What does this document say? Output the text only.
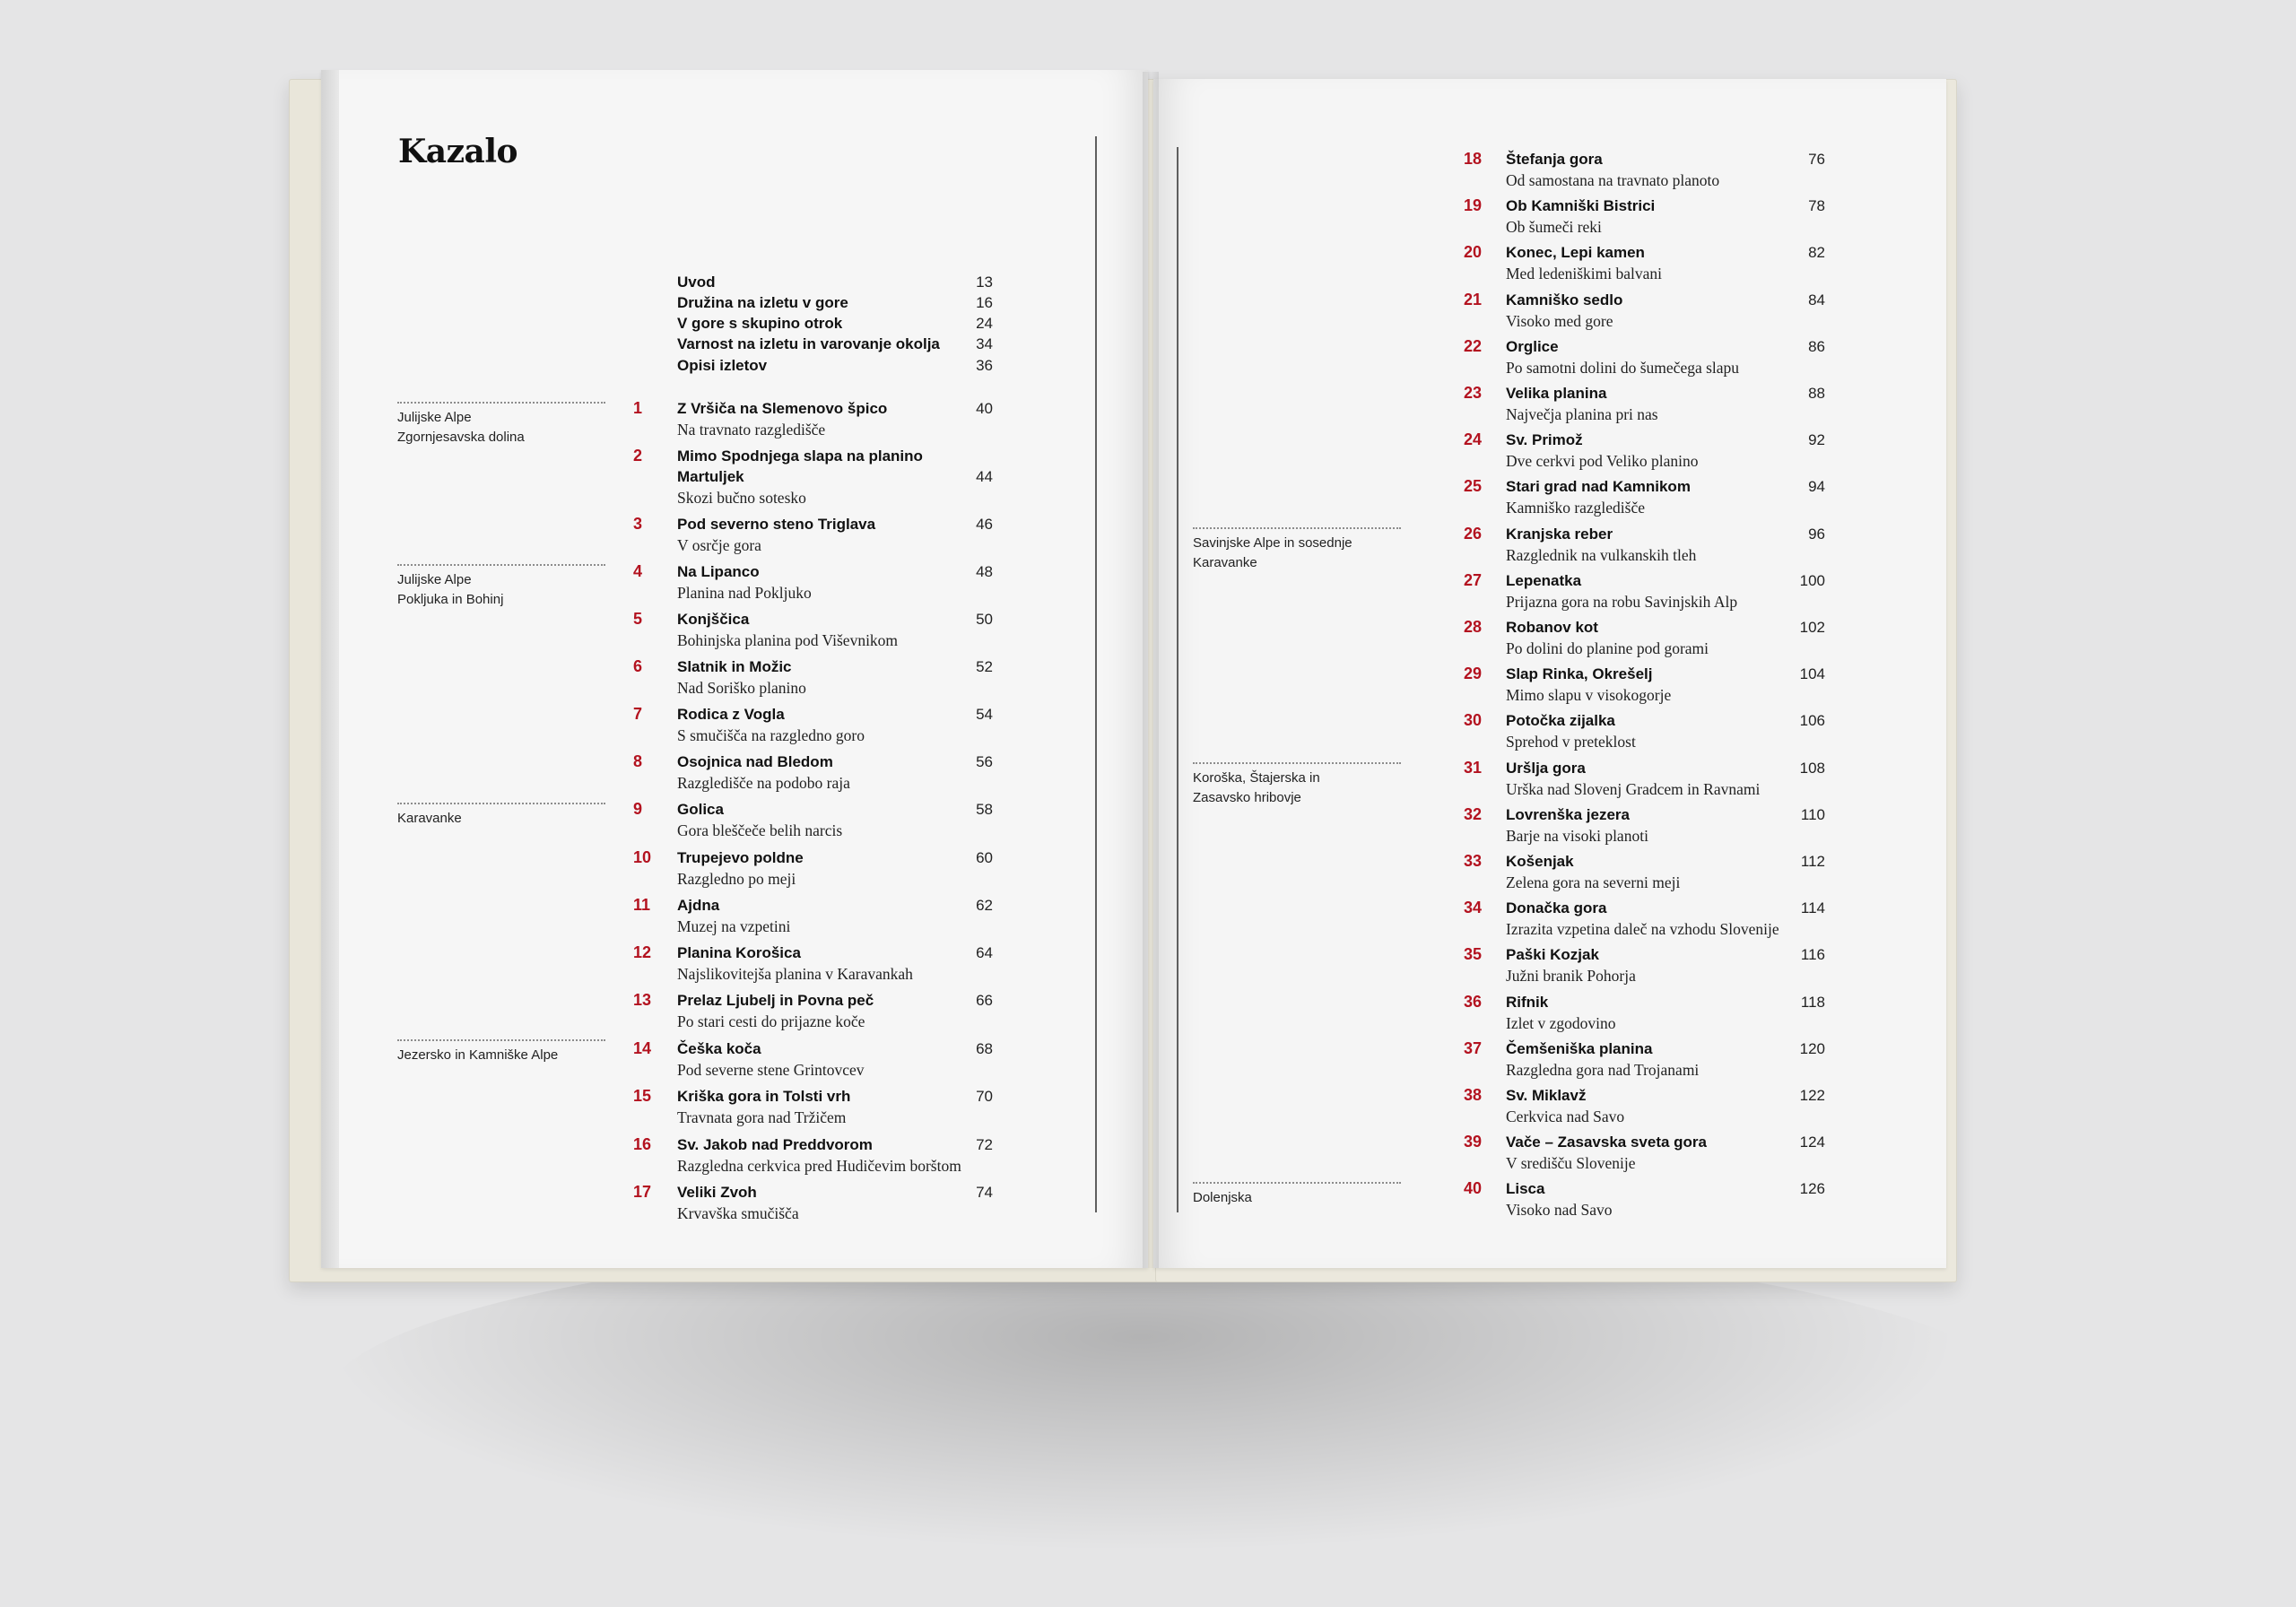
Kazalo
Uvod	13
Družina na izletu v gore	16
V gore s skupino otrok	24
Varnost na izletu in varovanje okolja	34
Opisi izletov	36
Julijske Alpe
Zgornjesavska dolina
Julijske Alpe
Pokljuka in Bohinj
Karavanke
Jezersko in Kamniške Alpe
Savinjske Alpe in sosednje
Karavanke
Koroška, Štajerska in
Zasavsko hribovje
Dolenjska
1	Z Vršiča na Slemenovo špico	40
Na travnato razgledišče
2	Mimo Spodnjega slapa na planino
Martuljek	44
Skozi bučno sotesko
3	Pod severno steno Triglava	46
V osrčje gora
4	Na Lipanco	48
Planina nad Pokljuko
5	Konjščica	50
Bohinjska planina pod Viševnikom
6	Slatnik in Možic	52
Nad Soriško planino
7	Rodica z Vogla	54
S smučišča na razgledno goro
8	Osojnica nad Bledom	56
Razgledišče na podobo raja
9	Golica	58
Gora bleščeče belih narcis
10	Trupejevo poldne	60
Razgledno po meji
11	Ajdna	62
Muzej na vzpetini
12	Planina Korošica	64
Najslikovitejša planina v Karavankah
13	Prelaz Ljubelj in Povna peč	66
Po stari cesti do prijazne koče
14	Češka koča	68
Pod severne stene Grintovcev
15	Kriška gora in Tolsti vrh	70
Travnata gora nad Tržičem
16	Sv. Jakob nad Preddvorom	72
Razgledna cerkvica pred Hudičevim borštom
17	Veliki Zvoh	74
Krvavška smučišča
18	Štefanja gora	76
Od samostana na travnato planoto
19	Ob Kamniški Bistrici	78
Ob šumeči reki
20	Konec, Lepi kamen	82
Med ledeniškimi balvani
21	Kamniško sedlo	84
Visoko med gore
22	Orglice	86
Po samotni dolini do šumečega slapu
23	Velika planina	88
Največja planina pri nas
24	Sv. Primož	92
Dve cerkvi pod Veliko planino
25	Stari grad nad Kamnikom	94
Kamniško razgledišče
26	Kranjska reber	96
Razglednik na vulkanskih tleh
27	Lepenatka	100
Prijazna gora na robu Savinjskih Alp
28	Robanov kot	102
Po dolini do planine pod gorami
29	Slap Rinka, Okrešelj	104
Mimo slapu v visokogorje
30	Potočka zijalka	106
Sprehod v preteklost
31	Uršlja gora	108
Urška nad Slovenj Gradcem in Ravnami
32	Lovrenška jezera	110
Barje na visoki planoti
33	Košenjak	112
Zelena gora na severni meji
34	Donačka gora	114
Izrazita vzpetina daleč na vzhodu Slovenije
35	Paški Kozjak	116
Južni branik Pohorja
36	Rifnik	118
Izlet v zgodovino
37	Čemšeniška planina	120
Razgledna gora nad Trojanami
38	Sv. Miklavž	122
Cerkvica nad Savo
39	Vače – Zasavska sveta gora	124
V središču Slovenije
40	Lisca	126
Visoko nad Savo
